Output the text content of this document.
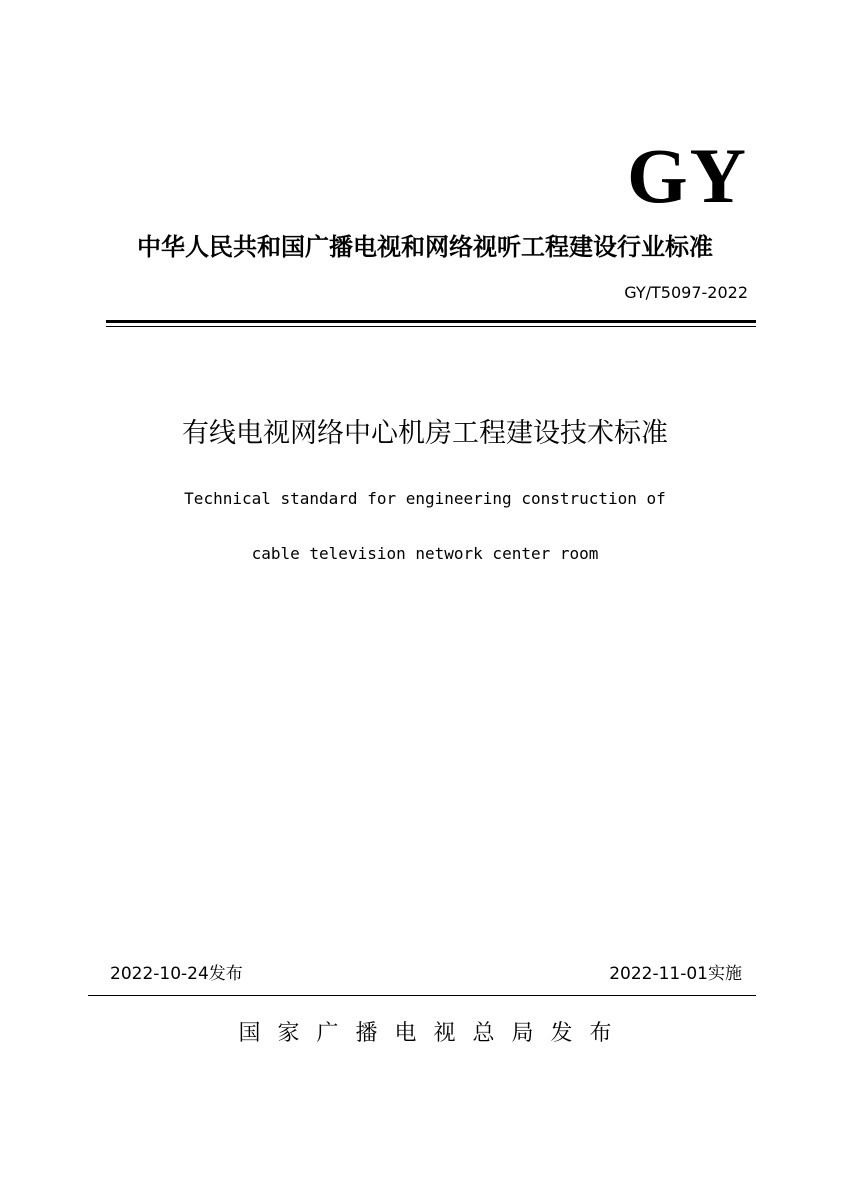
GY
中华人民共和国广播电视和网络视听工程建设行业标准
GY/T5097-2022
有线电视网络中心机房工程建设技术标准
Technical standard for engineering construction of
cable television network center room
2022-10-24发布	2022-11-01实施
国家广播电视总局发布
